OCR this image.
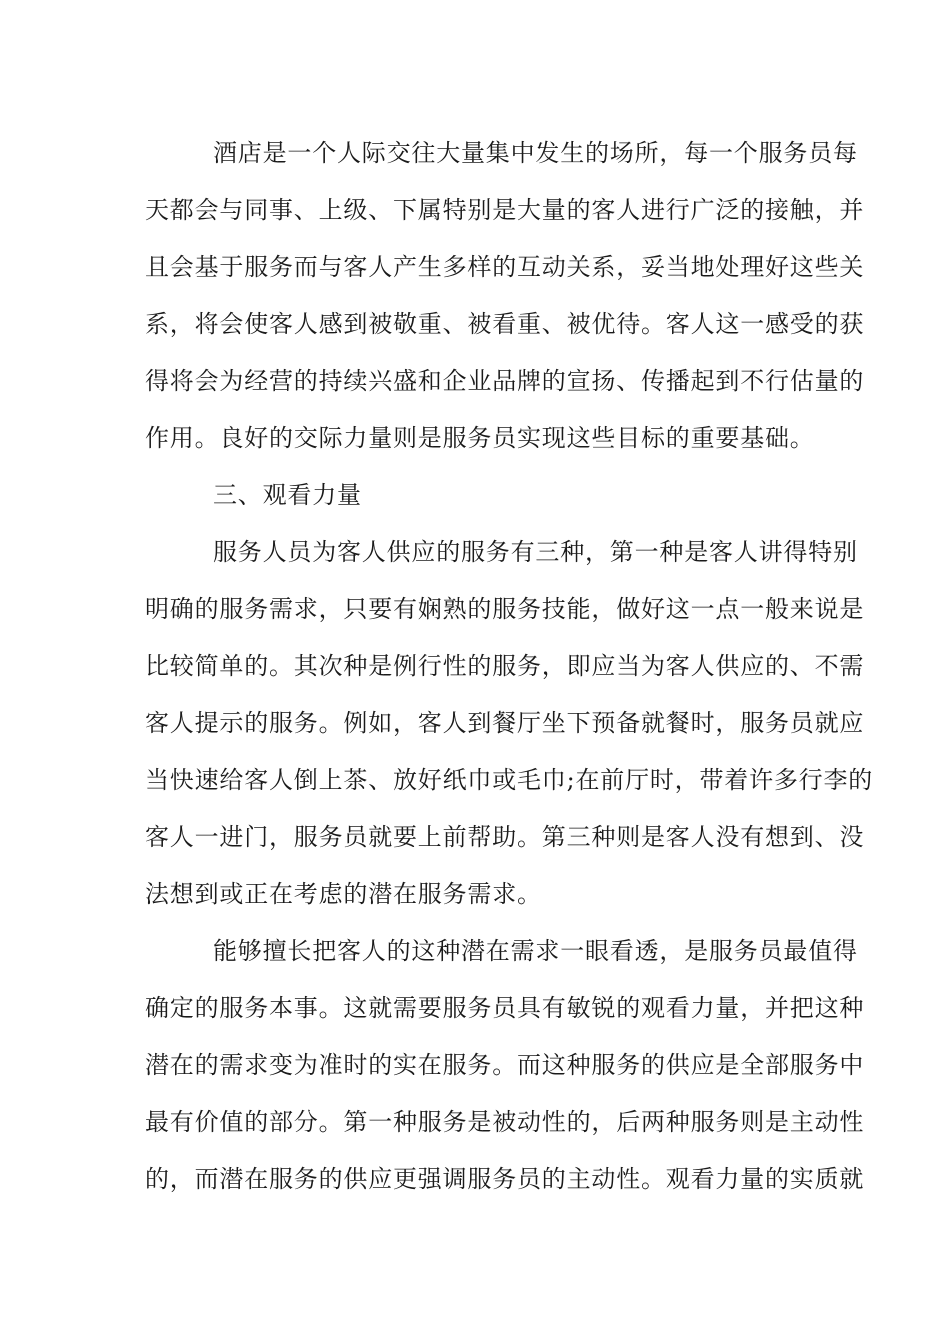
酒店是一个人际交往大量集中发生的场所，每一个服务员每
天都会与同事、上级、下属特别是大量的客人进行广泛的接触，并
且会基于服务而与客人产生多样的互动关系，妥当地处理好这些关
系，将会使客人感到被敬重、被看重、被优待。客人这一感受的获
得将会为经营的持续兴盛和企业品牌的宣扬、传播起到不行估量的
作用。良好的交际力量则是服务员实现这些目标的重要基础。
三、观看力量
服务人员为客人供应的服务有三种，第一种是客人讲得特别
明确的服务需求，只要有娴熟的服务技能，做好这一点一般来说是
比较简单的。其次种是例行性的服务，即应当为客人供应的、不需
客人提示的服务。例如，客人到餐厅坐下预备就餐时，服务员就应
当快速给客人倒上茶、放好纸巾或毛巾;在前厅时，带着许多行李的
客人一进门，服务员就要上前帮助。第三种则是客人没有想到、没
法想到或正在考虑的潜在服务需求。
能够擅长把客人的这种潜在需求一眼看透，是服务员最值得
确定的服务本事。这就需要服务员具有敏锐的观看力量，并把这种
潜在的需求变为准时的实在服务。而这种服务的供应是全部服务中
最有价值的部分。第一种服务是被动性的，后两种服务则是主动性
的，而潜在服务的供应更强调服务员的主动性。观看力量的实质就
